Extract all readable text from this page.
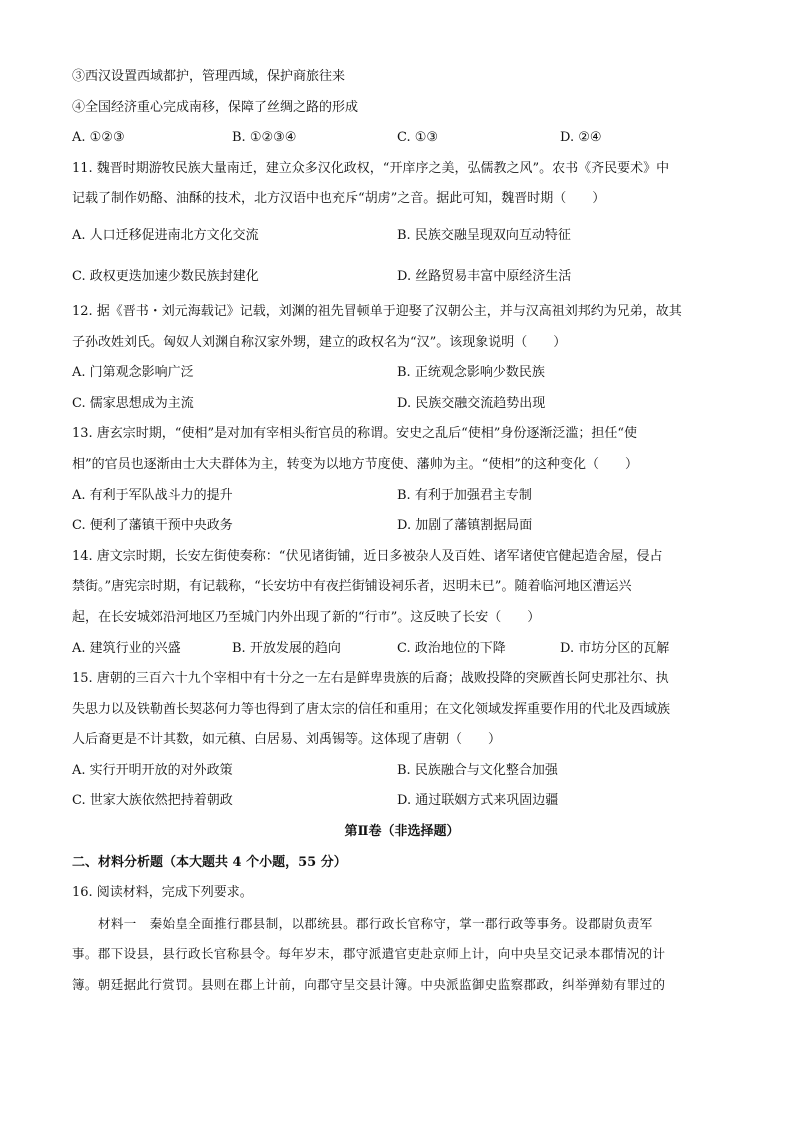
③西汉设置西域都护，管理西域，保护商旅往来
④全国经济重心完成南移，保障了丝绸之路的形成
A. ①②③	B. ①②③④	C. ①③	D. ②④
11. 魏晋时期游牧民族大量南迁，建立众多汉化政权，“开庠序之美，弘儒教之风”。农书《齐民要术》中
记载了制作奶酪、油酥的技术，北方汉语中也充斥“胡虏”之音。据此可知，魏晋时期（　　）
A. 人口迁移促进南北方文化交流	B. 民族交融呈现双向互动特征
C. 政权更迭加速少数民族封建化	D. 丝路贸易丰富中原经济生活
12. 据《晋书・刘元海载记》记载，刘渊的祖先冒顿单于迎娶了汉朝公主，并与汉高祖刘邦约为兄弟，故其
子孙改姓刘氏。匈奴人刘渊自称汉家外甥，建立的政权名为“汉”。该现象说明（　　）
A. 门第观念影响广泛	B. 正统观念影响少数民族
C. 儒家思想成为主流	D. 民族交融交流趋势出现
13. 唐玄宗时期，“使相”是对加有宰相头衔官员的称谓。安史之乱后“使相”身份逐渐泛滥；担任“使
相”的官员也逐渐由士大夫群体为主，转变为以地方节度使、藩帅为主。“使相”的这种变化（　　）
A. 有利于军队战斗力的提升	B. 有利于加强君主专制
C. 便利了藩镇干预中央政务	D. 加剧了藩镇割据局面
14. 唐文宗时期，长安左街使奏称：“伏见诸街铺，近日多被杂人及百姓、诸军诸使官健起造舍屋，侵占
禁街。”唐宪宗时期，有记载称，“长安坊中有夜拦街铺设祠乐者，迟明未已”。随着临河地区漕运兴
起，在长安城郊沿河地区乃至城门内外出现了新的“行市”。这反映了长安（　　）
A. 建筑行业的兴盛	B. 开放发展的趋向	C. 政治地位的下降	D. 市坊分区的瓦解
15. 唐朝的三百六十九个宰相中有十分之一左右是鲜卑贵族的后裔；战败投降的突厥酋长阿史那社尔、执
失思力以及铁勒酋长契苾何力等也得到了唐太宗的信任和重用；在文化领域发挥重要作用的代北及西域族
人后裔更是不计其数，如元稹、白居易、刘禹锡等。这体现了唐朝（　　）
A. 实行开明开放的对外政策	B. 民族融合与文化整合加强
C. 世家大族依然把持着朝政	D. 通过联姻方式来巩固边疆
第Ⅱ卷（非选择题）
二、材料分析题（本大题共 4 个小题，55 分）
16. 阅读材料，完成下列要求。
材料一　秦始皇全面推行郡县制，以郡统县。郡行政长官称守，掌一郡行政等事务。设郡尉负责军
事。郡下设县，县行政长官称县令。每年岁末，郡守派遣官吏赴京师上计，向中央呈交记录本郡情况的计
簿。朝廷据此行赏罚。县则在郡上计前，向郡守呈交县计簿。中央派监御史监察郡政，纠举弹劾有罪过的
